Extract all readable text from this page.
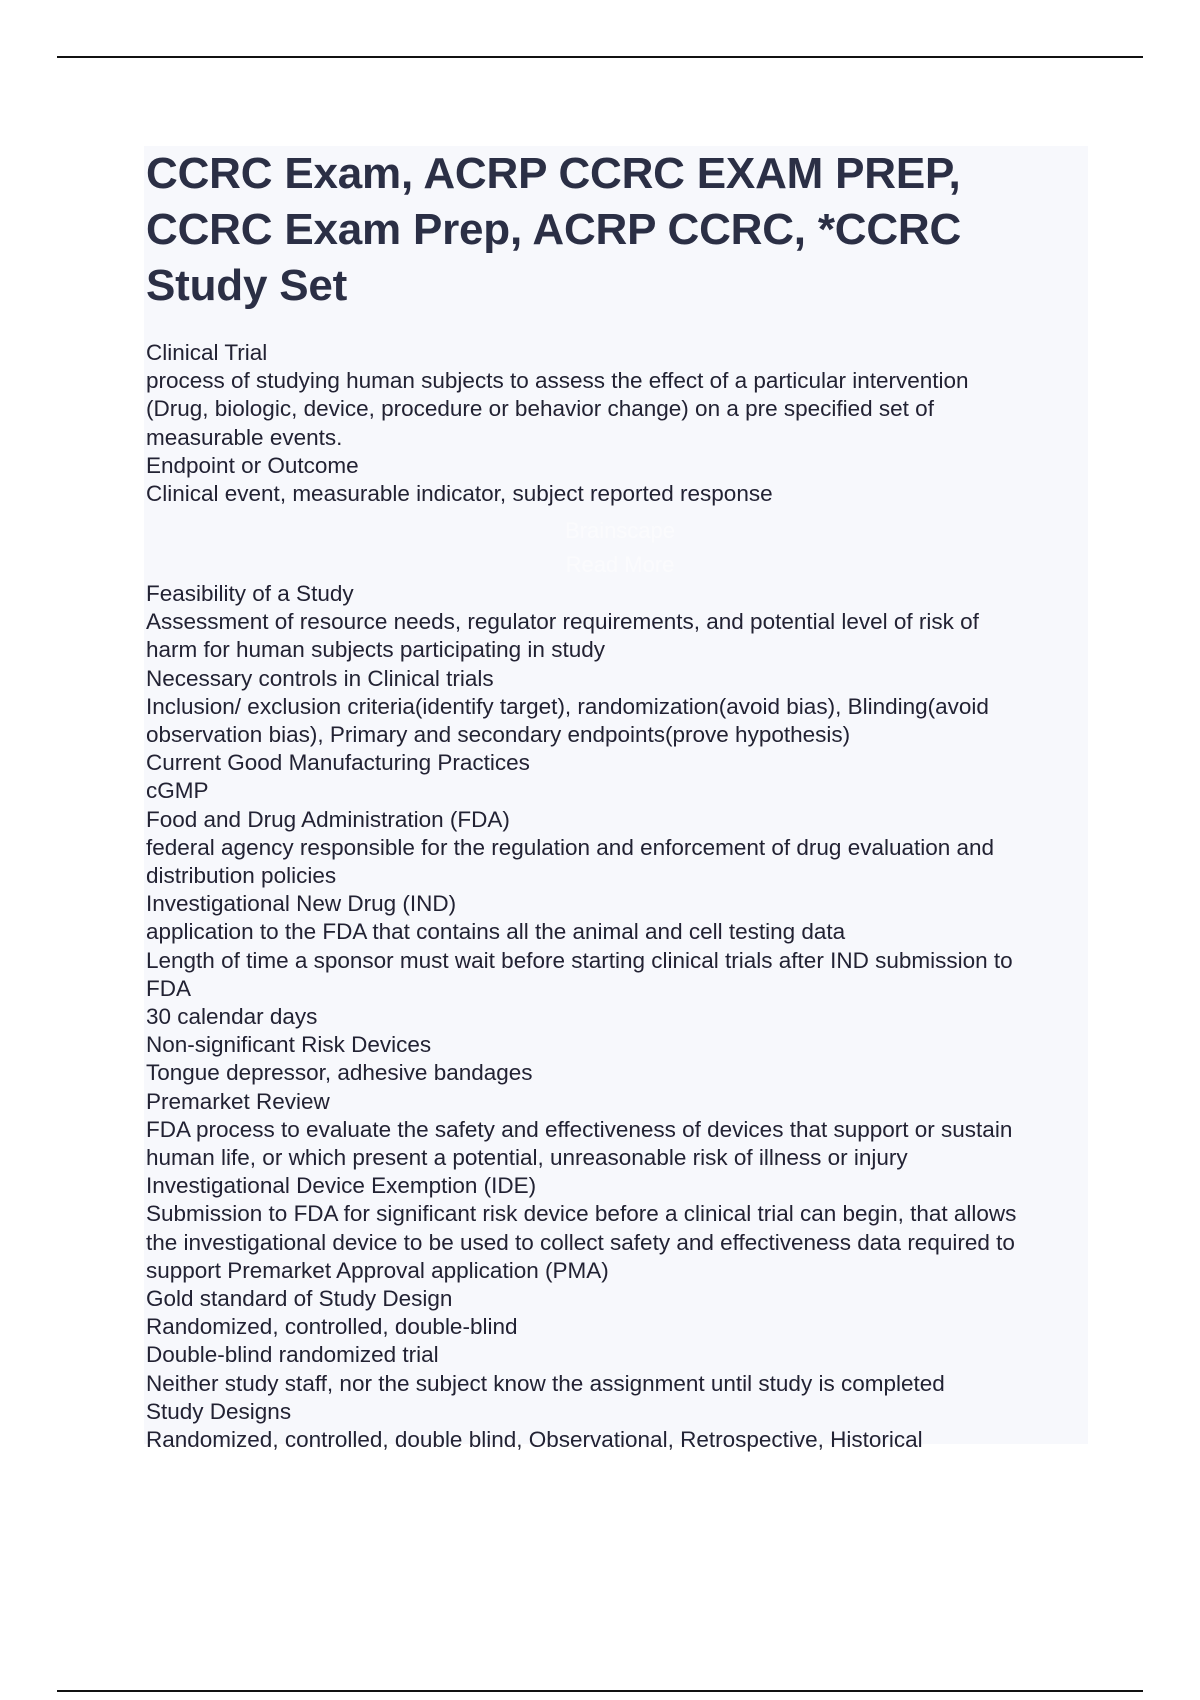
CCRC Exam, ACRP CCRC EXAM PREP,
CCRC Exam Prep, ACRP CCRC, *CCRC
Study Set
Clinical Trial
process of studying human subjects to assess the effect of a particular intervention
(Drug, biologic, device, procedure or behavior change) on a pre specified set of
measurable events.
Endpoint or Outcome
Clinical event, measurable indicator, subject reported response
Brainscape
Read More
Feasibility of a Study
Assessment of resource needs, regulator requirements, and potential level of risk of
harm for human subjects participating in study
Necessary controls in Clinical trials
Inclusion/ exclusion criteria(identify target), randomization(avoid bias), Blinding(avoid
observation bias), Primary and secondary endpoints(prove hypothesis)
Current Good Manufacturing Practices
cGMP
Food and Drug Administration (FDA)
federal agency responsible for the regulation and enforcement of drug evaluation and
distribution policies
Investigational New Drug (IND)
application to the FDA that contains all the animal and cell testing data
Length of time a sponsor must wait before starting clinical trials after IND submission to
FDA
30 calendar days
Non-significant Risk Devices
Tongue depressor, adhesive bandages
Premarket Review
FDA process to evaluate the safety and effectiveness of devices that support or sustain
human life, or which present a potential, unreasonable risk of illness or injury
Investigational Device Exemption (IDE)
Submission to FDA for significant risk device before a clinical trial can begin, that allows
the investigational device to be used to collect safety and effectiveness data required to
support Premarket Approval application (PMA)
Gold standard of Study Design
Randomized, controlled, double-blind
Double-blind randomized trial
Neither study staff, nor the subject know the assignment until study is completed
Study Designs
Randomized, controlled, double blind, Observational, Retrospective, Historical
